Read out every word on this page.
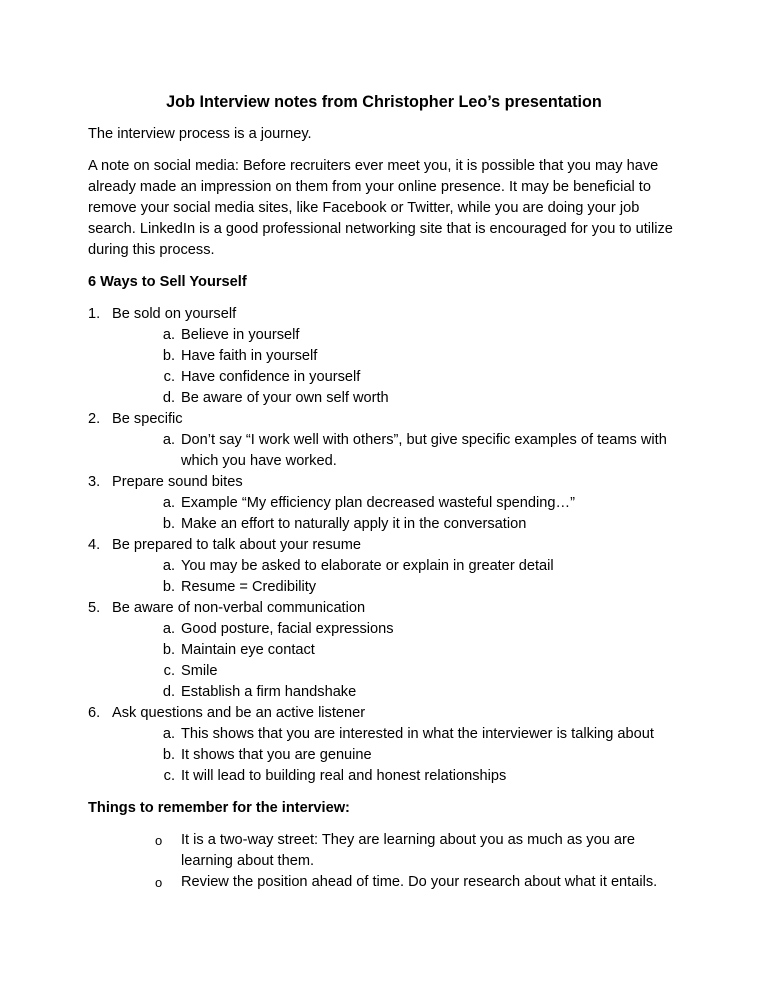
Job Interview notes from Christopher Leo’s presentation

The interview process is a journey.

A note on social media: Before recruiters ever meet you, it is possible that you may have already made an impression on them from your online presence. It may be beneficial to remove your social media sites, like Facebook or Twitter, while you are doing your job search. LinkedIn is a good professional networking site that is encouraged for you to utilize during this process.

6 Ways to Sell Yourself

1. Be sold on yourself
a. Believe in yourself
b. Have faith in yourself
c. Have confidence in yourself
d. Be aware of your own self worth
2. Be specific
a. Don’t say “I work well with others”, but give specific examples of teams with which you have worked.
3. Prepare sound bites
a. Example “My efficiency plan decreased wasteful spending…”
b. Make an effort to naturally apply it in the conversation
4. Be prepared to talk about your resume
a. You may be asked to elaborate or explain in greater detail
b. Resume = Credibility
5. Be aware of non-verbal communication
a. Good posture, facial expressions
b. Maintain eye contact
c. Smile
d. Establish a firm handshake
6. Ask questions and be an active listener
a. This shows that you are interested in what the interviewer is talking about
b. It shows that you are genuine
c. It will lead to building real and honest relationships

Things to remember for the interview:

o It is a two-way street: They are learning about you as much as you are learning about them.
o Review the position ahead of time. Do your research about what it entails.
